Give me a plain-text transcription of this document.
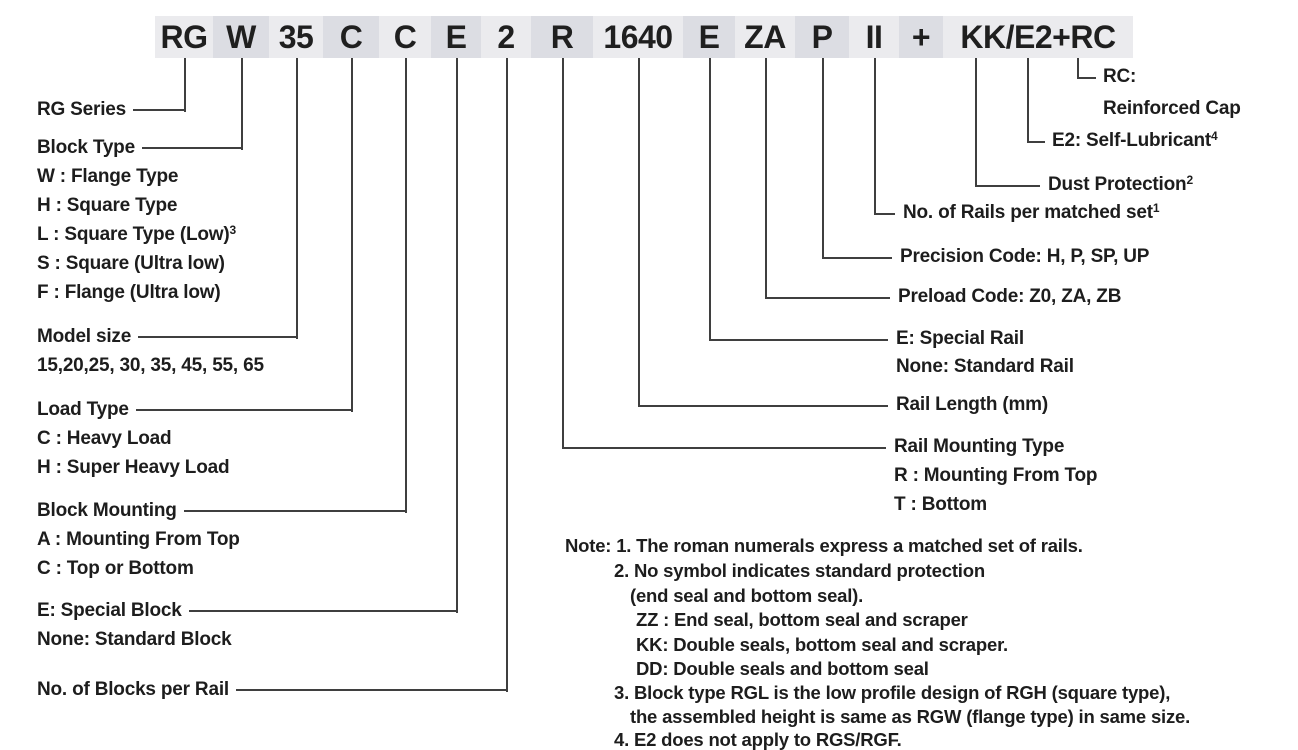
RG W 35 C C E 2	R 1640 E ZA P	II + KK/E2+RC
RG Series
Block Type
W : Flange Type
H : Square Type
L : Square Type (Low)$^3$
S : Square (Ultra low)
F : Flange (Ultra low)
Model size
15,20,25, 30, 35, 45, 55, 65
Load Type
C : Heavy Load
H : Super Heavy Load
Block Mounting
A : Mounting From Top
C : Top or Bottom
E: Special Block
None: Standard Block
No. of Blocks per Rail
RC:
Reinforced Cap
E2: Self-Lubricant$^4$
Dust Protection$^2$
No. of Rails per matched set$^1$
Precision Code: H, P, SP, UP
Preload Code: Z0, ZA, ZB
E: Special Rail
None: Standard Rail
Rail Length (mm)
Rail Mounting Type
R : Mounting From Top
T : Bottom
Note: 1. The roman numerals express a matched set of rails.
2. No symbol indicates standard protection
(end seal and bottom seal).
ZZ : End seal, bottom seal and scraper
KK: Double seals, bottom seal and scraper.
DD: Double seals and bottom seal
3. Block type RGL is the low profile design of RGH (square type),
the assembled height is same as RGW (flange type) in same size.
4. E2 does not apply to RGS/RGF.
